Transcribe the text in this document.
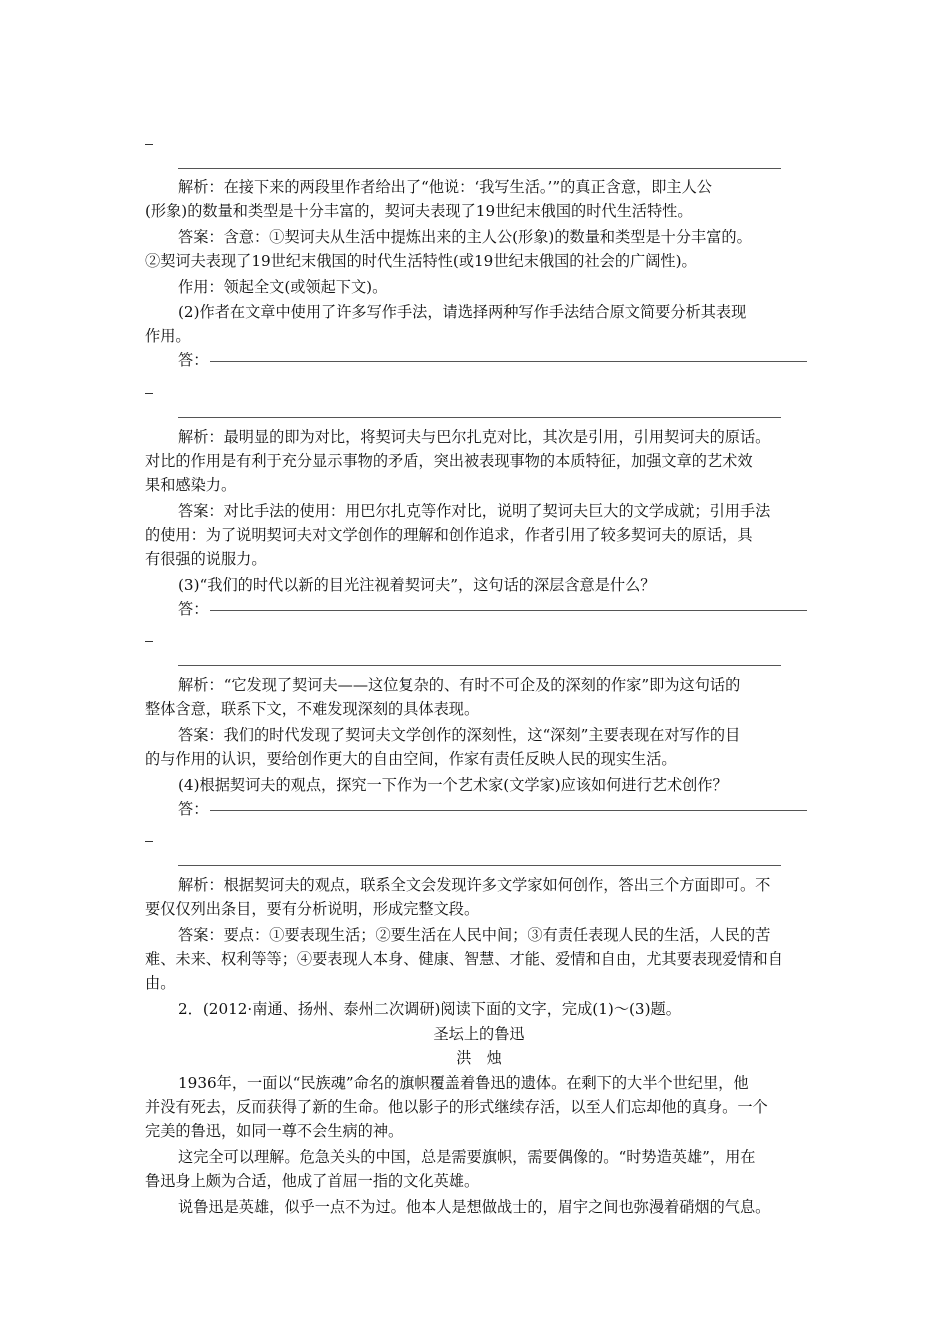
解析：在接下来的两段里作者给出了“他说：‘我写生活。’”的真正含意，即主人公
(形象)的数量和类型是十分丰富的，契诃夫表现了19世纪末俄国的时代生活特性。
答案：含意：①契诃夫从生活中提炼出来的主人公(形象)的数量和类型是十分丰富的。
②契诃夫表现了19世纪末俄国的时代生活特性(或19世纪末俄国的社会的广阔性)。
作用：领起全文(或领起下文)。
(2)作者在文章中使用了许多写作手法，请选择两种写作手法结合原文简要分析其表现
作用。
答：
解析：最明显的即为对比，将契诃夫与巴尔扎克对比，其次是引用，引用契诃夫的原话。
对比的作用是有利于充分显示事物的矛盾，突出被表现事物的本质特征，加强文章的艺术效
果和感染力。
答案：对比手法的使用：用巴尔扎克等作对比，说明了契诃夫巨大的文学成就；引用手法
的使用：为了说明契诃夫对文学创作的理解和创作追求，作者引用了较多契诃夫的原话，具
有很强的说服力。
(3)“我们的时代以新的目光注视着契诃夫”，这句话的深层含意是什么？
答：
解析：“它发现了契诃夫——这位复杂的、有时不可企及的深刻的作家”即为这句话的
整体含意，联系下文，不难发现深刻的具体表现。
答案：我们的时代发现了契诃夫文学创作的深刻性，这“深刻”主要表现在对写作的目
的与作用的认识，要给创作更大的自由空间，作家有责任反映人民的现实生活。
(4)根据契诃夫的观点，探究一下作为一个艺术家(文学家)应该如何进行艺术创作？
答：
解析：根据契诃夫的观点，联系全文会发现许多文学家如何创作，答出三个方面即可。不
要仅仅列出条目，要有分析说明，形成完整文段。
答案：要点：①要表现生活；②要生活在人民中间；③有责任表现人民的生活，人民的苦
难、未来、权利等等；④要表现人本身、健康、智慧、才能、爱情和自由，尤其要表现爱情和自
由。
2．(2012·南通、扬州、泰州二次调研)阅读下面的文字，完成(1)～(3)题。
圣坛上的鲁迅
洪　烛
1936年，一面以“民族魂”命名的旗帜覆盖着鲁迅的遗体。在剩下的大半个世纪里，他
并没有死去，反而获得了新的生命。他以影子的形式继续存活，以至人们忘却他的真身。一个
完美的鲁迅，如同一尊不会生病的神。
这完全可以理解。危急关头的中国，总是需要旗帜，需要偶像的。“时势造英雄”，用在
鲁迅身上颇为合适，他成了首屈一指的文化英雄。
说鲁迅是英雄，似乎一点不为过。他本人是想做战士的，眉宇之间也弥漫着硝烟的气息。
